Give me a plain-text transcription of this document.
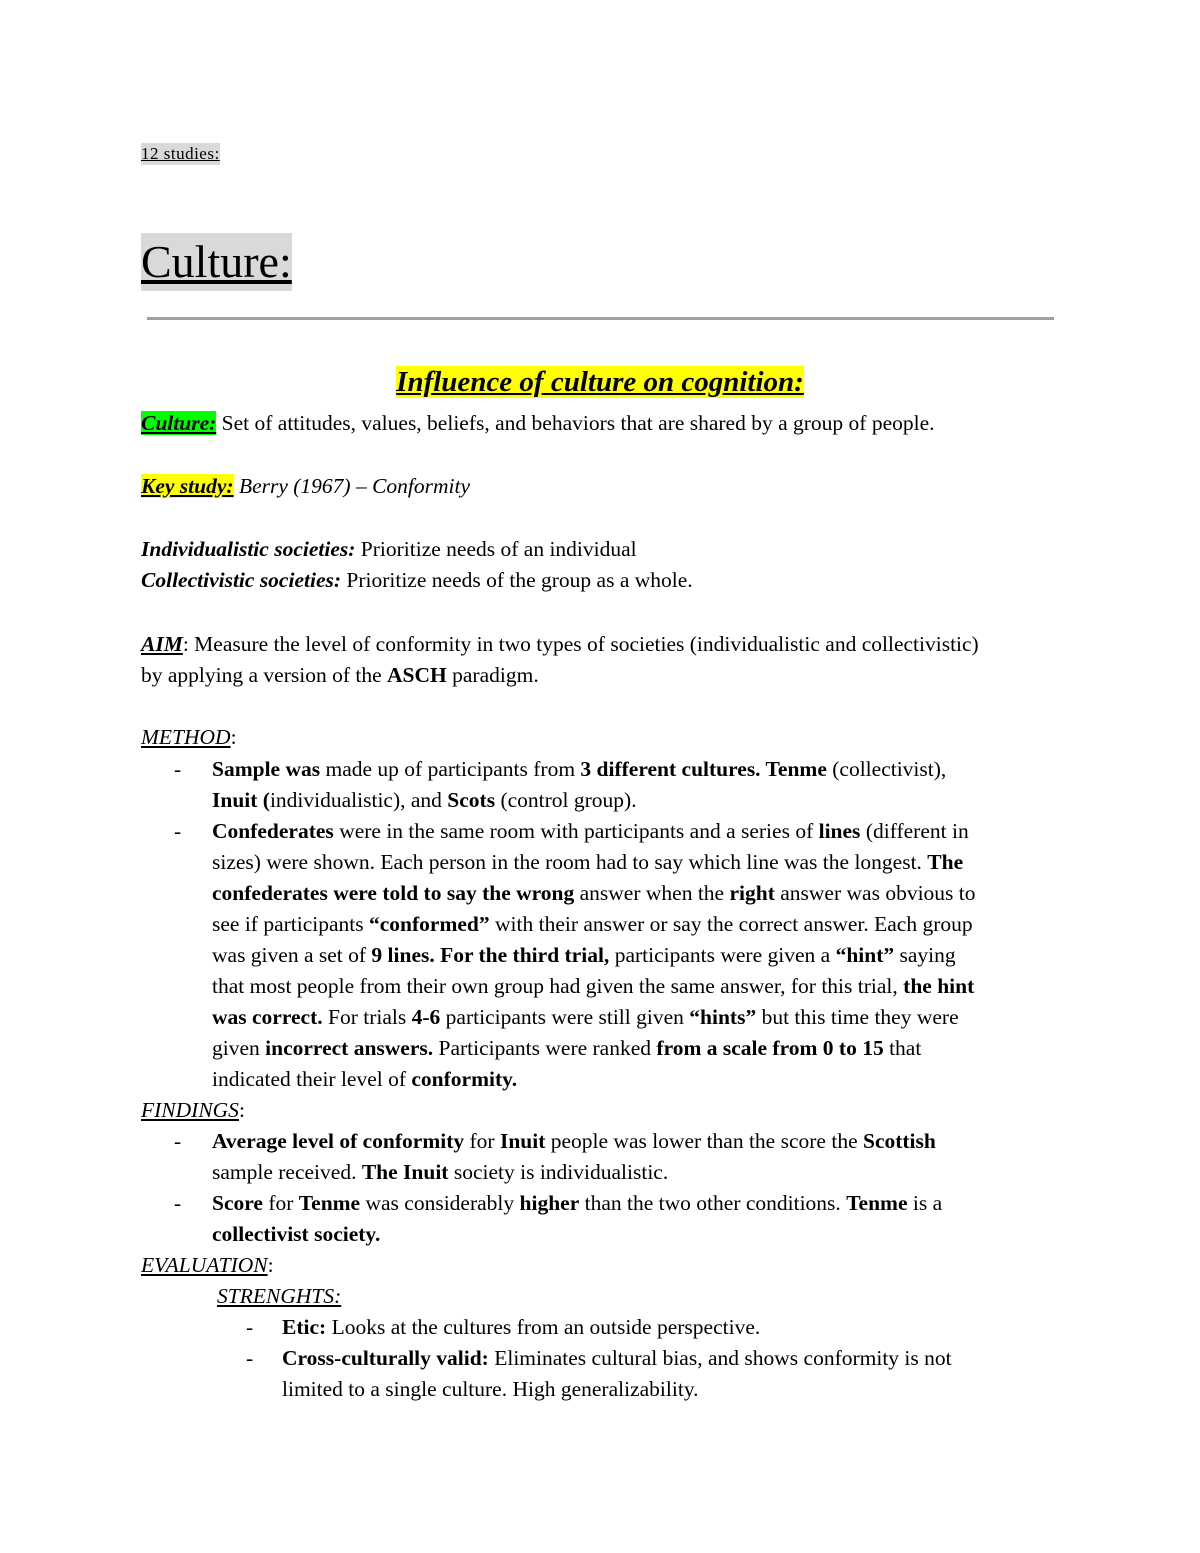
12 studies:
Culture:
Influence of culture on cognition:
Culture: Set of attitudes, values, beliefs, and behaviors that are shared by a group of people.
Key study: Berry (1967) – Conformity
Individualistic societies: Prioritize needs of an individual
Collectivistic societies: Prioritize needs of the group as a whole.
AIM: Measure the level of conformity in two types of societies (individualistic and collectivistic)
by applying a version of the ASCH paradigm.
METHOD:
- Sample was made up of participants from 3 different cultures. Tenme (collectivist),
Inuit (individualistic), and Scots (control group).
- Confederates were in the same room with participants and a series of lines (different in
sizes) were shown. Each person in the room had to say which line was the longest. The
confederates were told to say the wrong answer when the right answer was obvious to
see if participants “conformed” with their answer or say the correct answer. Each group
was given a set of 9 lines. For the third trial, participants were given a “hint” saying
that most people from their own group had given the same answer, for this trial, the hint
was correct. For trials 4-6 participants were still given “hints” but this time they were
given incorrect answers. Participants were ranked from a scale from 0 to 15 that
indicated their level of conformity.
FINDINGS:
- Average level of conformity for Inuit people was lower than the score the Scottish
sample received. The Inuit society is individualistic.
- Score for Tenme was considerably higher than the two other conditions. Tenme is a
collectivist society.
EVALUATION:
STRENGHTS:
- Etic: Looks at the cultures from an outside perspective.
- Cross-culturally valid: Eliminates cultural bias, and shows conformity is not
limited to a single culture. High generalizability.
